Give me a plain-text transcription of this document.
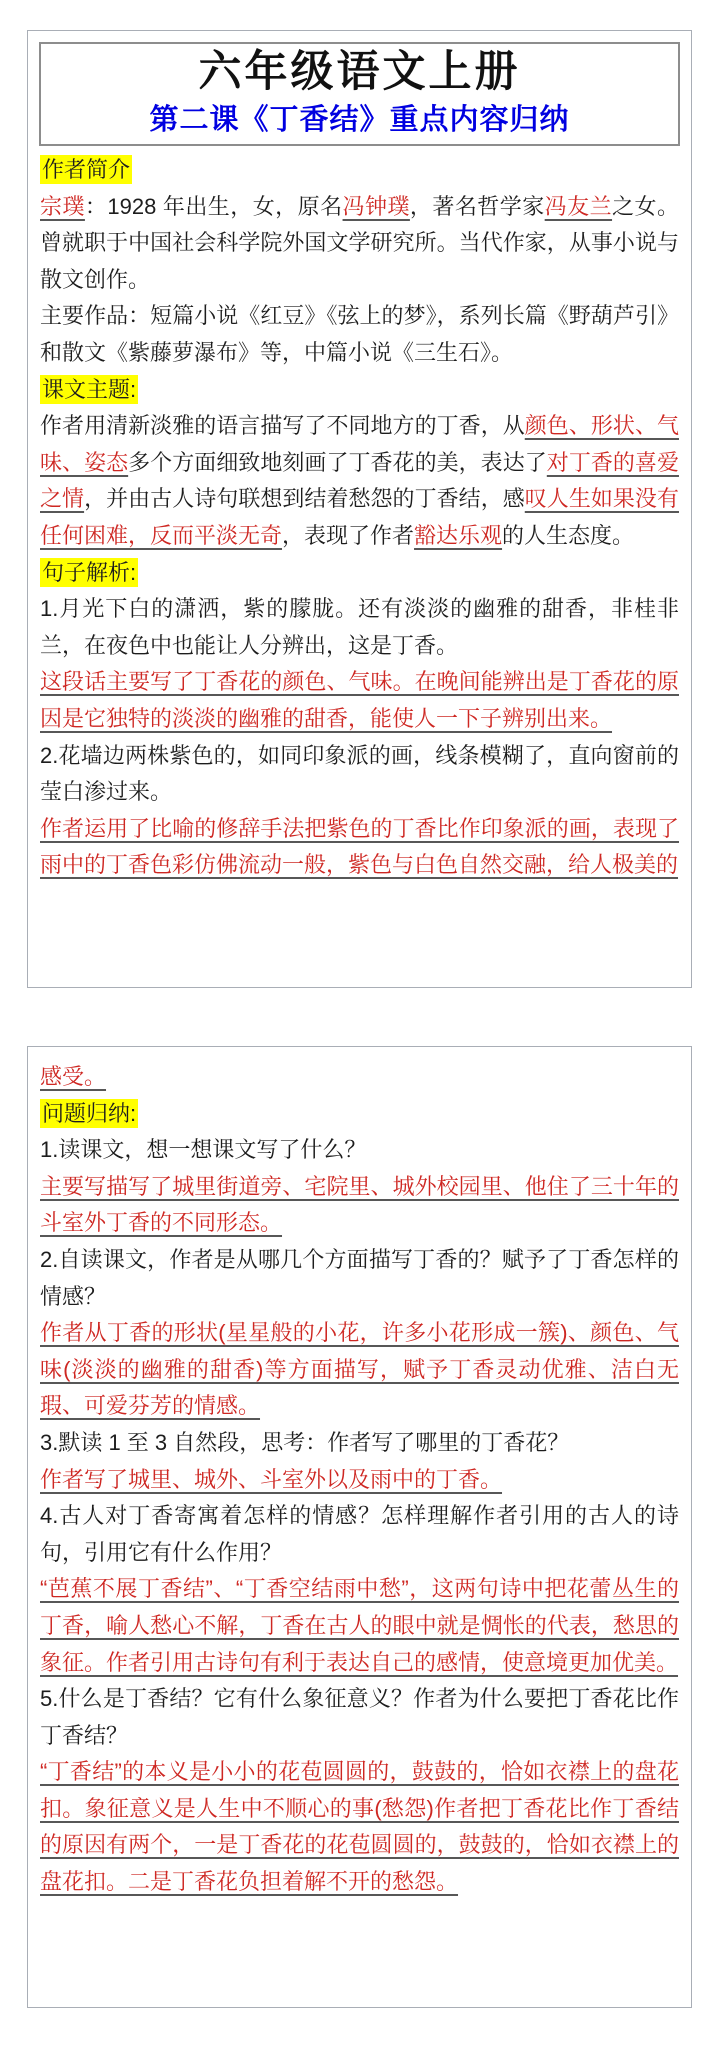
六年级语文上册
第二课《丁香结》重点内容归纳
作者简介

宗璞：1928 年出生，女，原名冯钟璞，著名哲学家冯友兰之女。曾就职于中国社会科学院外国文学研究所。当代作家，从事小说与散文创作。

主要作品：短篇小说《红豆》《弦上的梦》，系列长篇《野葫芦引》和散文《紫藤萝瀑布》等，中篇小说《三生石》。

课文主题:

作者用清新淡雅的语言描写了不同地方的丁香，从颜色、形状、气味、姿态多个方面细致地刻画了丁香花的美，表达了对丁香的喜爱之情，并由古人诗句联想到结着愁怨的丁香结，感叹人生如果没有任何困难，反而平淡无奇，表现了作者豁达乐观的人生态度。

句子解析:

1.月光下白的潇洒，紫的朦胧。还有淡淡的幽雅的甜香，非桂非兰，在夜色中也能让人分辨出，这是丁香。

这段话主要写了丁香花的颜色、气味。在晚间能辨出是丁香花的原因是它独特的淡淡的幽雅的甜香，能使人一下子辨别出来。

2.花墙边两株紫色的，如同印象派的画，线条模糊了，直向窗前的莹白渗过来。

作者运用了比喻的修辞手法把紫色的丁香比作印象派的画，表现了雨中的丁香色彩仿佛流动一般，紫色与白色自然交融，给人极美的

感受。

问题归纳:

1.读课文，想一想课文写了什么？

主要写描写了城里街道旁、宅院里、城外校园里、他住了三十年的斗室外丁香的不同形态。

2.自读课文，作者是从哪几个方面描写丁香的？赋予了丁香怎样的情感？

作者从丁香的形状(星星般的小花，许多小花形成一簇)、颜色、气味(淡淡的幽雅的甜香)等方面描写，赋予丁香灵动优雅、洁白无瑕、可爱芬芳的情感。

3.默读 1 至 3 自然段，思考：作者写了哪里的丁香花？

作者写了城里、城外、斗室外以及雨中的丁香。

4.古人对丁香寄寓着怎样的情感？怎样理解作者引用的古人的诗句，引用它有什么作用？

“芭蕉不展丁香结”、“丁香空结雨中愁”，这两句诗中把花蕾丛生的丁香，喻人愁心不解，丁香在古人的眼中就是惆怅的代表，愁思的象征。作者引用古诗句有利于表达自己的感情，使意境更加优美。

5.什么是丁香结？它有什么象征意义？作者为什么要把丁香花比作丁香结？

“丁香结”的本义是小小的花苞圆圆的，鼓鼓的，恰如衣襟上的盘花扣。象征意义是人生中不顺心的事(愁怨)作者把丁香花比作丁香结的原因有两个，一是丁香花的花苞圆圆的，鼓鼓的，恰如衣襟上的盘花扣。二是丁香花负担着解不开的愁怨。
